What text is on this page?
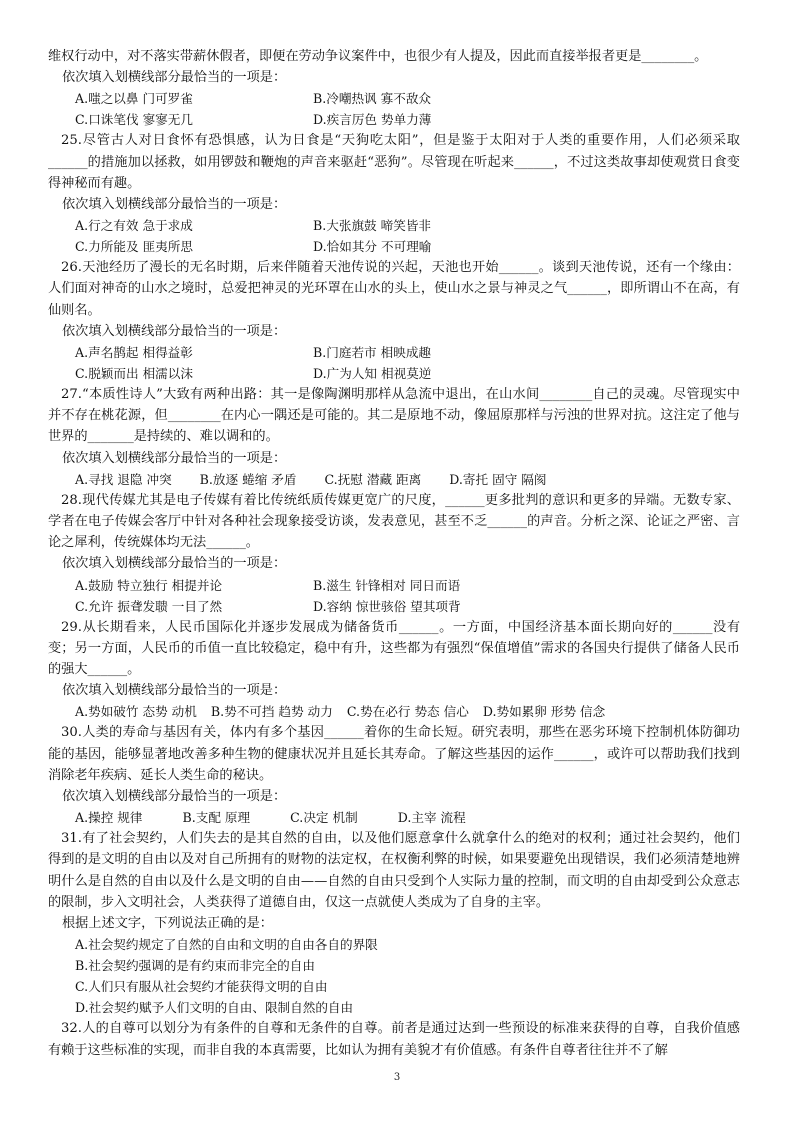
维权行动中，对不落实带薪休假者，即便在劳动争议案件中，也很少有人提及，因此而直接举报者更是________。

依次填入划横线部分最恰当的一项是：

A.嗤之以鼻 门可罗雀	B.冷嘲热讽 寡不敌众
C.口诛笔伐 寥寥无几	D.疾言厉色 势单力薄

25.尽管古人对日食怀有恐惧感，认为日食是“天狗吃太阳”，但是鉴于太阳对于人类的重要作用，人们必须采取______的措施加以拯救，如用锣鼓和鞭炮的声音来驱赶“恶狗”。尽管现在听起来______，不过这类故事却使观赏日食变得神秘而有趣。

依次填入划横线部分最恰当的一项是：

A.行之有效 急于求成	B.大张旗鼓 啼笑皆非
C.力所能及 匪夷所思	D.恰如其分 不可理喻

26.天池经历了漫长的无名时期，后来伴随着天池传说的兴起，天池也开始______。谈到天池传说，还有一个缘由：人们面对神奇的山水之境时，总爱把神灵的光环罩在山水的头上，使山水之景与神灵之气______，即所谓山不在高，有仙则名。

依次填入划横线部分最恰当的一项是：

A.声名鹊起 相得益彰	B.门庭若市 相映成趣
C.脱颖而出 相濡以沫	D.广为人知 相视莫逆

27.“本质性诗人”大致有两种出路：其一是像陶渊明那样从急流中退出，在山水间________自己的灵魂。尽管现实中并不存在桃花源，但________在内心一隅还是可能的。其二是原地不动，像屈原那样与污浊的世界对抗。这注定了他与世界的_______是持续的、难以调和的。

依次填入划横线部分最恰当的一项是：

A.寻找 退隐 冲突 B.放逐 蜷缩 矛盾 C.抚慰 潜藏 距离 D.寄托 固守 隔阂

28.现代传媒尤其是电子传媒有着比传统纸质传媒更宽广的尺度，______更多批判的意识和更多的异端。无数专家、学者在电子传媒会客厅中针对各种社会现象接受访谈，发表意见，甚至不乏______的声音。分析之深、论证之严密、言论之犀利，传统媒体均无法______。

依次填入划横线部分最恰当的一项是：

A.鼓励 特立独行 相提并论	B.滋生 针锋相对 同日而语
C.允许 振聋发聩 一目了然	D.容纳 惊世骇俗 望其项背

29.从长期看来，人民币国际化并逐步发展成为储备货币______。一方面，中国经济基本面长期向好的______没有变；另一方面，人民币的币值一直比较稳定，稳中有升，这些都为有强烈“保值增值”需求的各国央行提供了储备人民币的强大______。

依次填入划横线部分最恰当的一项是：

A.势如破竹 态势 动机 B.势不可挡 趋势 动力 C.势在必行 势态 信心 D.势如累卵 形势 信念

30.人类的寿命与基因有关，体内有多个基因______着你的生命长短。研究表明，那些在恶劣环境下控制机体防御功能的基因，能够显著地改善多种生物的健康状况并且延长其寿命。了解这些基因的运作______，或许可以帮助我们找到消除老年疾病、延长人类生命的秘诀。

依次填入划横线部分最恰当的一项是：

A.操控 规律	B.支配 原理	C.决定 机制	D.主宰 流程

31.有了社会契约，人们失去的是其自然的自由，以及他们愿意拿什么就拿什么的绝对的权利；通过社会契约，他们得到的是文明的自由以及对自己所拥有的财物的法定权，在权衡利弊的时候，如果要避免出现错误，我们必须清楚地辨明什么是自然的自由以及什么是文明的自由——自然的自由只受到个人实际力量的控制，而文明的自由却受到公众意志的限制，步入文明社会，人类获得了道德自由，仅这一点就使人类成为了自身的主宰。

根据上述文字，下列说法正确的是：

A.社会契约规定了自然的自由和文明的自由各自的界限
B.社会契约强调的是有约束而非完全的自由
C.人们只有服从社会契约才能获得文明的自由
D.社会契约赋予人们文明的自由、限制自然的自由

32.人的自尊可以划分为有条件的自尊和无条件的自尊。前者是通过达到一些预设的标准来获得的自尊，自我价值感有赖于这些标准的实现，而非自我的本真需要，比如认为拥有美貌才有价值感。有条件自尊者往往并不了解

3
